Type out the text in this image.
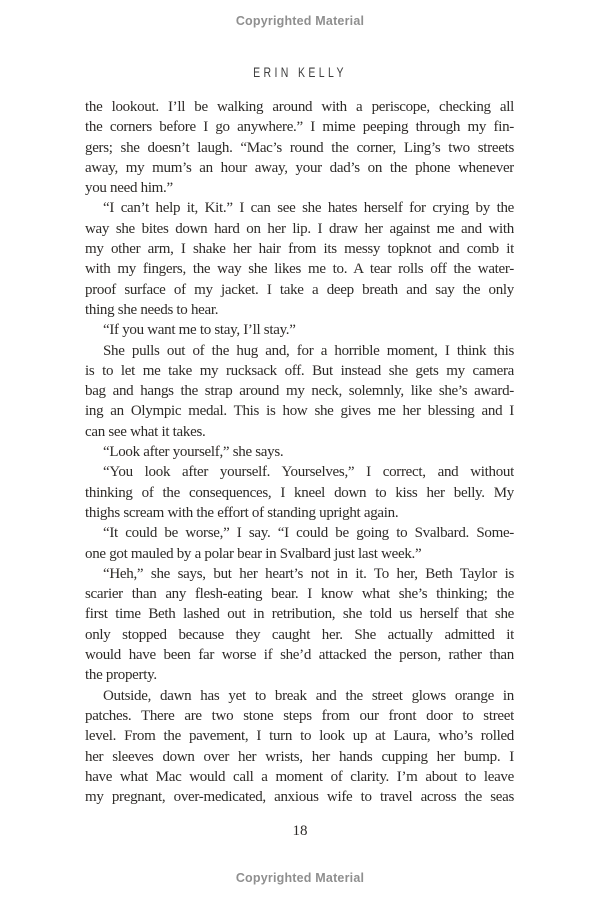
Copyrighted Material
ERIN KELLY
the lookout. I’ll be walking around with a periscope, checking all
the corners before I go anywhere.” I mime peeping through my fin-
gers; she doesn’t laugh. “Mac’s round the corner, Ling’s two streets
away, my mum’s an hour away, your dad’s on the phone whenever
you need him.”
“I can’t help it, Kit.” I can see she hates herself for crying by the
way she bites down hard on her lip. I draw her against me and with
my other arm, I shake her hair from its messy topknot and comb it
with my fingers, the way she likes me to. A tear rolls off the water-
proof surface of my jacket. I take a deep breath and say the only
thing she needs to hear.
“If you want me to stay, I’ll stay.”
She pulls out of the hug and, for a horrible moment, I think this
is to let me take my rucksack off. But instead she gets my camera
bag and hangs the strap around my neck, solemnly, like she’s award-
ing an Olympic medal. This is how she gives me her blessing and I
can see what it takes.
“Look after yourself,” she says.
“You look after yourself. Yourselves,” I correct, and without
thinking of the consequences, I kneel down to kiss her belly. My
thighs scream with the effort of standing upright again.
“It could be worse,” I say. “I could be going to Svalbard. Some-
one got mauled by a polar bear in Svalbard just last week.”
“Heh,” she says, but her heart’s not in it. To her, Beth Taylor is
scarier than any flesh-eating bear. I know what she’s thinking; the
first time Beth lashed out in retribution, she told us herself that she
only stopped because they caught her. She actually admitted it
would have been far worse if she’d attacked the person, rather than
the property.
Outside, dawn has yet to break and the street glows orange in
patches. There are two stone steps from our front door to street
level. From the pavement, I turn to look up at Laura, who’s rolled
her sleeves down over her wrists, her hands cupping her bump. I
have what Mac would call a moment of clarity. I’m about to leave
my pregnant, over-medicated, anxious wife to travel across the seas
18
Copyrighted Material
